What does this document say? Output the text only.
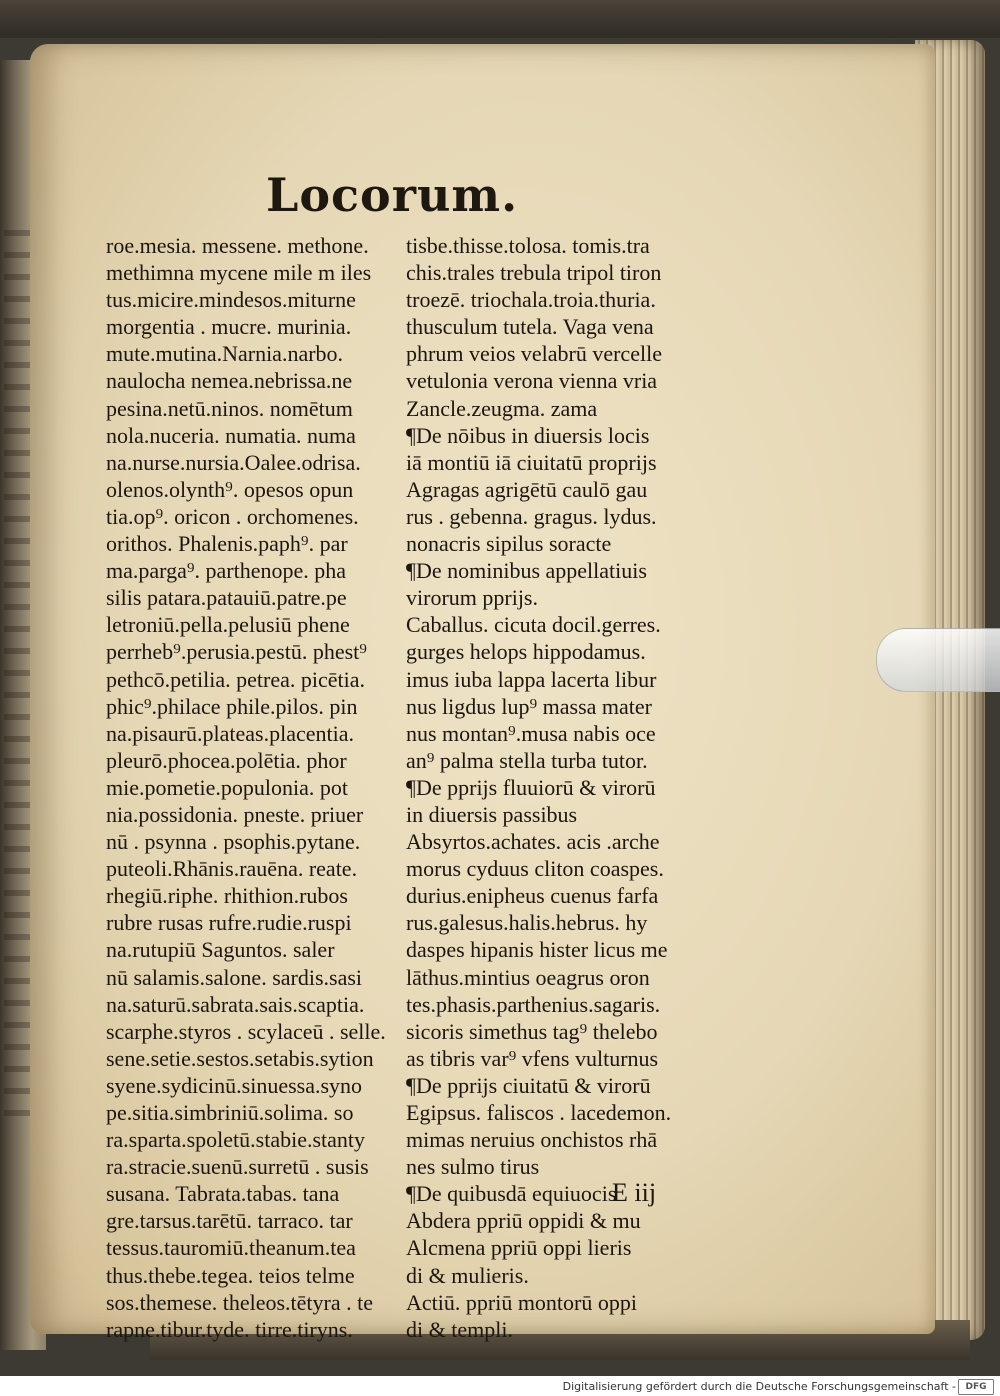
Locorum.
roe.mesia. messene. methone.
methimna mycene mile m iles
tus.micire.mindesos.miturne
morgentia . mucre. murinia.
mute.mutina.Narnia.narbo.
naulocha nemea.nebrissa.ne
pesina.netū.ninos. nomētum
nola.nuceria. numatia. numa
na.nurse.nursia.Oalee.odrisa.
olenos.olynth⁹. opesos opun
tia.op⁹. oricon . orchomenes.
orithos. Phalenis.paph⁹. par
ma.parga⁹. parthenope. pha
silis patara.patauiū.patre.pe
letroniū.pella.pelusiū phene
perrheb⁹.perusia.pestū. phest⁹
pethcō.petilia. petrea. picētia.
phic⁹.philace phile.pilos. pin
na.pisaurū.plateas.placentia.
pleurō.phocea.polētia. phor
mie.pometie.populonia. pot
nia.possidonia. pneste. priuer
nū . psynna . psophis.pytane.
puteoli.Rhānis.rauēna. reate.
rhegiū.riphe. rhithion.rubos
rubre rusas rufre.rudie.ruspi
na.rutupiū Saguntos. saler
nū salamis.salone. sardis.sasi
na.saturū.sabrata.sais.scaptia.
scarphe.styros . scylaceū . selle.
sene.setie.sestos.setabis.sytion
syene.sydicinū.sinuessa.syno
pe.sitia.simbriniū.solima. so
ra.sparta.spoletū.stabie.stanty
ra.stracie.suenū.surretū . susis
susana. Tabrata.tabas. tana
gre.tarsus.tarētū. tarraco. tar
tessus.tauromiū.theanum.tea
thus.thebe.tegea. teios telme
sos.themese. theleos.tētyra . te
rapne.tibur.tyde. tirre.tiryns.
tisbe.thisse.tolosa. tomis.tra
chis.trales trebula tripol tiron
troezē. triochala.troia.thuria.
thusculum tutela. Vaga vena
phrum veios velabrū vercelle
vetulonia verona vienna vria
Zancle.zeugma. zama
¶De nōibus in diuersis locis
iā montiū iā ciuitatū proprijs
Agragas agrigētū caulō gau
rus . gebenna. gragus. lydus.
nonacris sipilus soracte
¶De nominibus appellatiuis
virorum pprijs.
Caballus. cicuta docil.gerres.
gurges helops hippodamus.
imus iuba lappa lacerta libur
nus ligdus lup⁹ massa mater
nus montan⁹.musa nabis oce
an⁹ palma stella turba tutor.
¶De pprijs fluuiorū & virorū
in diuersis passibus
Absyrtos.achates. acis .arche
morus cyduus cliton coaspes.
durius.enipheus cuenus farfa
rus.galesus.halis.hebrus. hy
daspes hipanis hister licus me
lāthus.mintius oeagrus oron
tes.phasis.parthenius.sagaris.
sicoris simethus tag⁹ thelebo
as tibris var⁹ vfens vulturnus
¶De pprijs ciuitatū & virorū
Egipsus. faliscos . lacedemon.
mimas neruius onchistos rhā
nes sulmo tirus
¶De quibusdā equiuocis
Abdera ppriū oppidi & mu
Alcmena ppriū oppi lieris
di & mulieris.
Actiū. ppriū montorū oppi
di & templi.

E iij

Digitalisierung gefördert durch die Deutsche Forschungsgemeinschaft -	DFG
